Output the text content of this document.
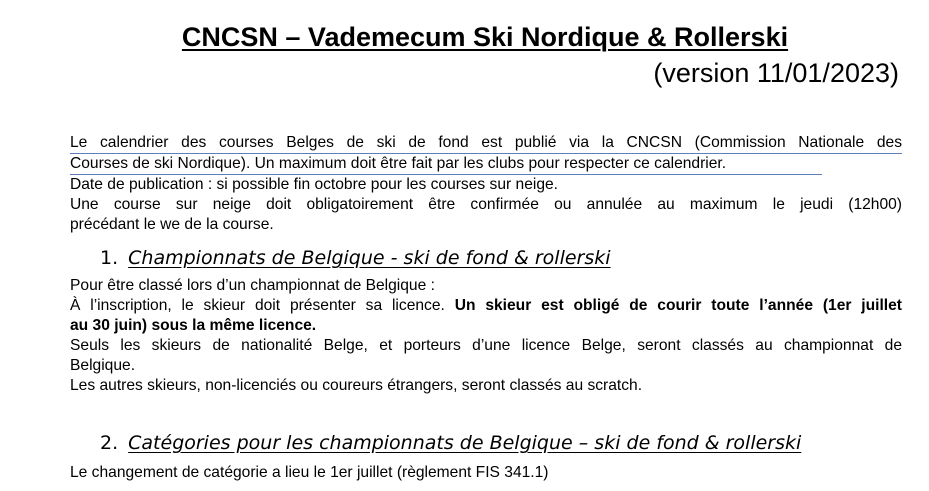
CNCSN – Vademecum Ski Nordique & Rollerski
(version 11/01/2023)
Le calendrier des courses Belges de ski de fond est publié via la CNCSN (Commission Nationale des
Courses de ski Nordique). Un maximum doit être fait par les clubs pour respecter ce calendrier.
Date de publication : si possible fin octobre pour les courses sur neige.
Une course sur neige doit obligatoirement être confirmée ou annulée au maximum le jeudi (12h00)
précédant le we de la course.
1. Championnats de Belgique - ski de fond & rollerski
Pour être classé lors d’un championnat de Belgique :
À l’inscription, le skieur doit présenter sa licence. Un skieur est obligé de courir toute l’année (1er juillet
au 30 juin) sous la même licence.
Seuls les skieurs de nationalité Belge, et porteurs d’une licence Belge, seront classés au championnat de
Belgique.
Les autres skieurs, non-licenciés ou coureurs étrangers, seront classés au scratch.
2. Catégories pour les championnats de Belgique – ski de fond & rollerski
Le changement de catégorie a lieu le 1er juillet (règlement FIS 341.1)
